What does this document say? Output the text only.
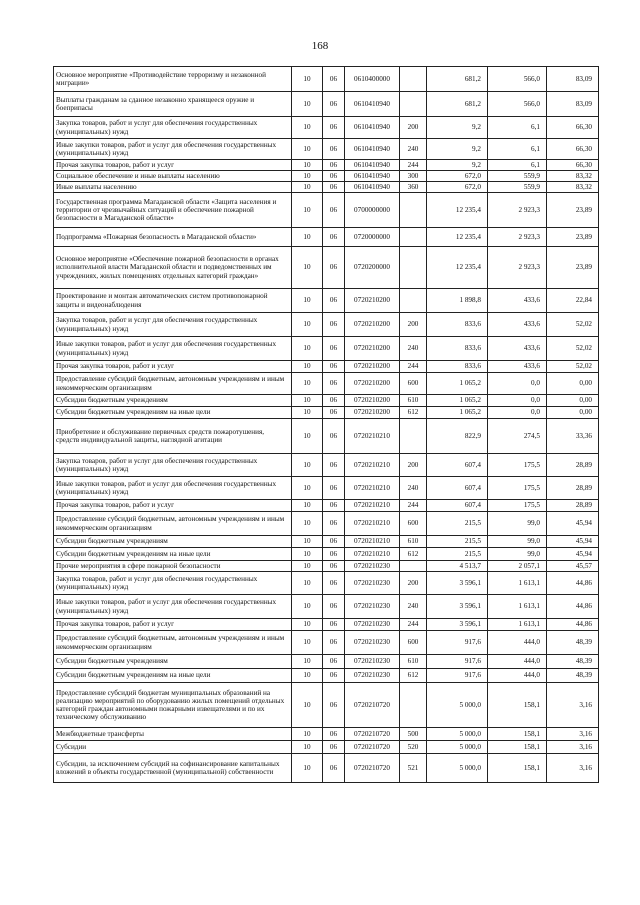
168
Основное мероприятие «Противодействие терроризму и незаконной миграции»	10	06	0610400000		681,2	566,0	83,09
Выплаты гражданам за сданное незаконно хранящееся оружие и боеприпасы	10	06	0610410940		681,2	566,0	83,09
Закупка товаров, работ и услуг для обеспечения государственных (муниципальных) нужд	10	06	0610410940	200	9,2	6,1	66,30
Иные закупки товаров, работ и услуг для обеспечения государственных (муниципальных) нужд	10	06	0610410940	240	9,2	6,1	66,30
Прочая закупка товаров, работ и услуг	10	06	0610410940	244	9,2	6,1	66,30
Социальное обеспечение и иные выплаты населению	10	06	0610410940	300	672,0	559,9	83,32
Иные выплаты населению	10	06	0610410940	360	672,0	559,9	83,32
Государственная программа Магаданской области «Защита населения и территории от чрезвычайных ситуаций и обеспечение пожарной безопасности в Магаданской области»	10	06	0700000000		12 235,4	2 923,3	23,89
Подпрограмма «Пожарная безопасность в Магаданской области»	10	06	0720000000		12 235,4	2 923,3	23,89
Основное мероприятие «Обеспечение пожарной безопасности в органах исполнительной власти Магаданской области и подведомственных им учреждениях, жилых помещениях отдельных категорий граждан»	10	06	0720200000		12 235,4	2 923,3	23,89
Проектирование и монтаж автоматических систем противопожарной защиты и видеонаблюдения	10	06	0720210200		1 898,8	433,6	22,84
Закупка товаров, работ и услуг для обеспечения государственных (муниципальных) нужд	10	06	0720210200	200	833,6	433,6	52,02
Иные закупки товаров, работ и услуг для обеспечения государственных (муниципальных) нужд	10	06	0720210200	240	833,6	433,6	52,02
Прочая закупка товаров, работ и услуг	10	06	0720210200	244	833,6	433,6	52,02
Предоставление субсидий бюджетным, автономным учреждениям и иным некоммерческим организациям	10	06	0720210200	600	1 065,2	0,0	0,00
Субсидии бюджетным учреждениям	10	06	0720210200	610	1 065,2	0,0	0,00
Субсидии бюджетным учреждениям на иные цели	10	06	0720210200	612	1 065,2	0,0	0,00
Приобретение и обслуживание первичных средств пожаротушения, средств индивидуальной защиты, наглядной агитации	10	06	0720210210		822,9	274,5	33,36
Закупка товаров, работ и услуг для обеспечения государственных (муниципальных) нужд	10	06	0720210210	200	607,4	175,5	28,89
Иные закупки товаров, работ и услуг для обеспечения государственных (муниципальных) нужд	10	06	0720210210	240	607,4	175,5	28,89
Прочая закупка товаров, работ и услуг	10	06	0720210210	244	607,4	175,5	28,89
Предоставление субсидий бюджетным, автономным учреждениям и иным некоммерческим организациям	10	06	0720210210	600	215,5	99,0	45,94
Субсидии бюджетным учреждениям	10	06	0720210210	610	215,5	99,0	45,94
Субсидии бюджетным учреждениям на иные цели	10	06	0720210210	612	215,5	99,0	45,94
Прочие мероприятия в сфере пожарной безопасности	10	06	0720210230		4 513,7	2 057,1	45,57
Закупка товаров, работ и услуг для обеспечения государственных (муниципальных) нужд	10	06	0720210230	200	3 596,1	1 613,1	44,86
Иные закупки товаров, работ и услуг для обеспечения государственных (муниципальных) нужд	10	06	0720210230	240	3 596,1	1 613,1	44,86
Прочая закупка товаров, работ и услуг	10	06	0720210230	244	3 596,1	1 613,1	44,86
Предоставление субсидий бюджетным, автономным учреждениям и иным некоммерческим организациям	10	06	0720210230	600	917,6	444,0	48,39
Субсидии бюджетным учреждениям	10	06	0720210230	610	917,6	444,0	48,39
Субсидии бюджетным учреждениям на иные цели	10	06	0720210230	612	917,6	444,0	48,39
Предоставление субсидий бюджетам муниципальных образований на реализацию мероприятий по оборудованию жилых помещений отдельных категорий граждан автономными пожарными извещателями и по их техническому обслуживанию	10	06	0720210720		5 000,0	158,1	3,16
Межбюджетные трансферты	10	06	0720210720	500	5 000,0	158,1	3,16
Субсидии	10	06	0720210720	520	5 000,0	158,1	3,16
Субсидии, за исключением субсидий на софинансирование капитальных вложений в объекты государственной (муниципальной) собственности	10	06	0720210720	521	5 000,0	158,1	3,16
